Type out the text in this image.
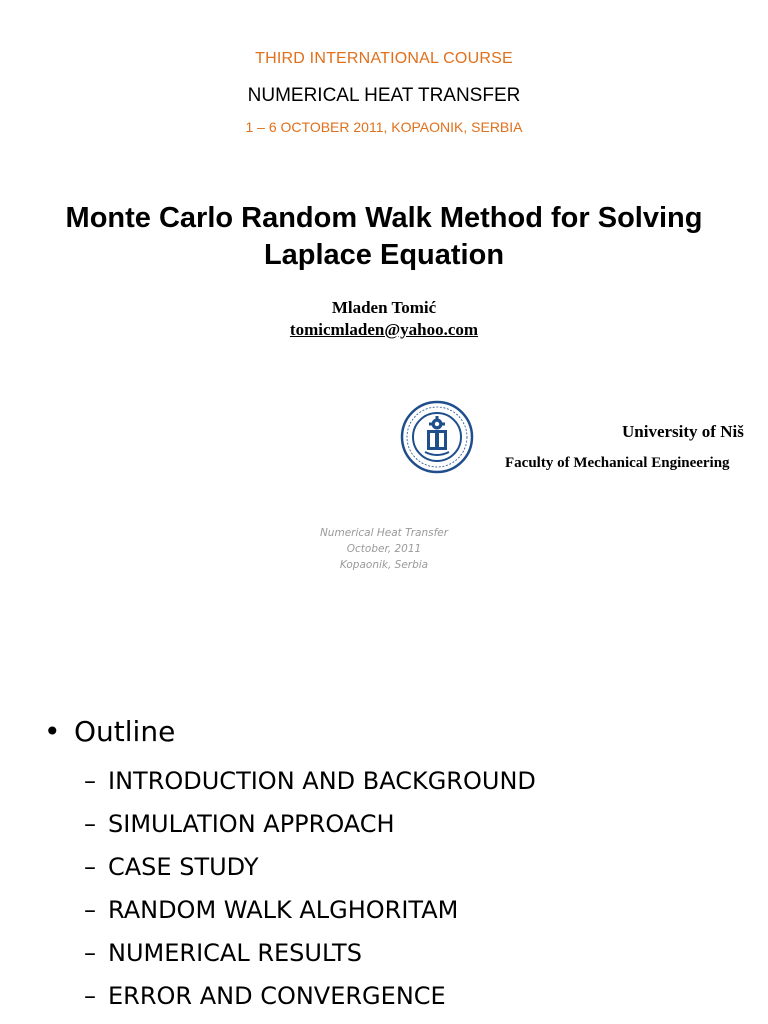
THIRD INTERNATIONAL COURSE
NUMERICAL HEAT TRANSFER
1 – 6 OCTOBER 2011, KOPAONIK, SERBIA
Monte Carlo Random Walk Method for Solving
Laplace Equation
Mladen Tomić
tomicmladen@yahoo.com
University of Niš
Faculty of Mechanical Engineering
Numerical Heat Transfer
October, 2011
Kopaonik, Serbia
• Outline
– INTRODUCTION AND BACKGROUND
– SIMULATION APPROACH
– CASE STUDY
– RANDOM WALK ALGHORITAM
– NUMERICAL RESULTS
– ERROR AND CONVERGENCE
